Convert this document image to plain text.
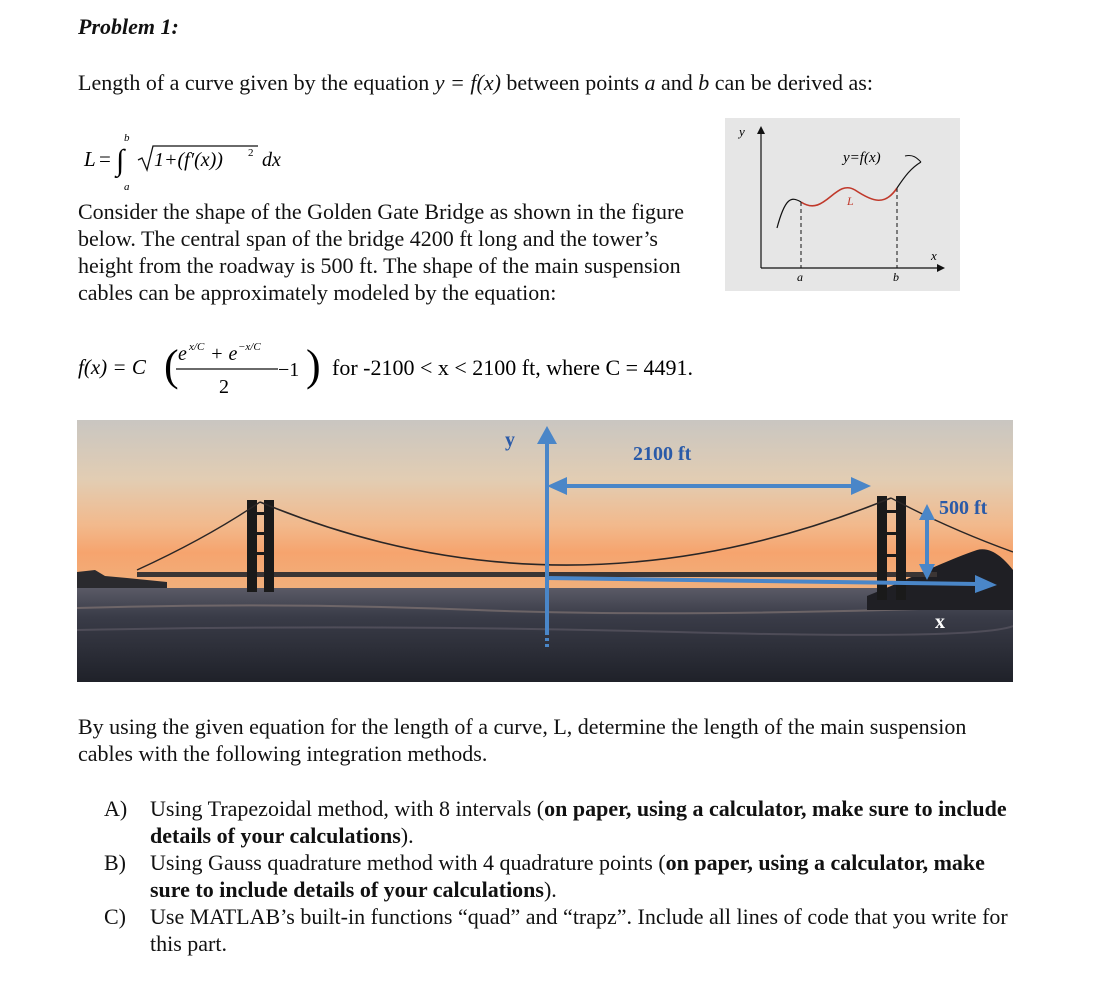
Problem 1:
Length of a curve given by the equation y = f(x) between points a and b can be derived as:
L =
b
∫
a
1+(f′(x)) 2 dx
Consider the shape of the Golden Gate Bridge as shown in the figure below. The central span of the bridge 4200 ft long and the tower’s height from the roadway is 500 ft. The shape of the main suspension cables can be approximately modeled by the equation:
f(x) = C ( e x/C + e −x/C
2
−1 ) for -2100 < x < 2100 ft, where C = 4491.
y
x
a	b
L
y=f(x)
y
2100 ft
500 ft
x
By using the given equation for the length of a curve, L, determine the length of the main suspension cables with the following integration methods.
A) Using Trapezoidal method, with 8 intervals (on paper, using a calculator, make sure to include details of your calculations).
B) Using Gauss quadrature method with 4 quadrature points (on paper, using a calculator, make sure to include details of your calculations).
C) Use MATLAB’s built-in functions “quad” and “trapz”. Include all lines of code that you write for this part.
